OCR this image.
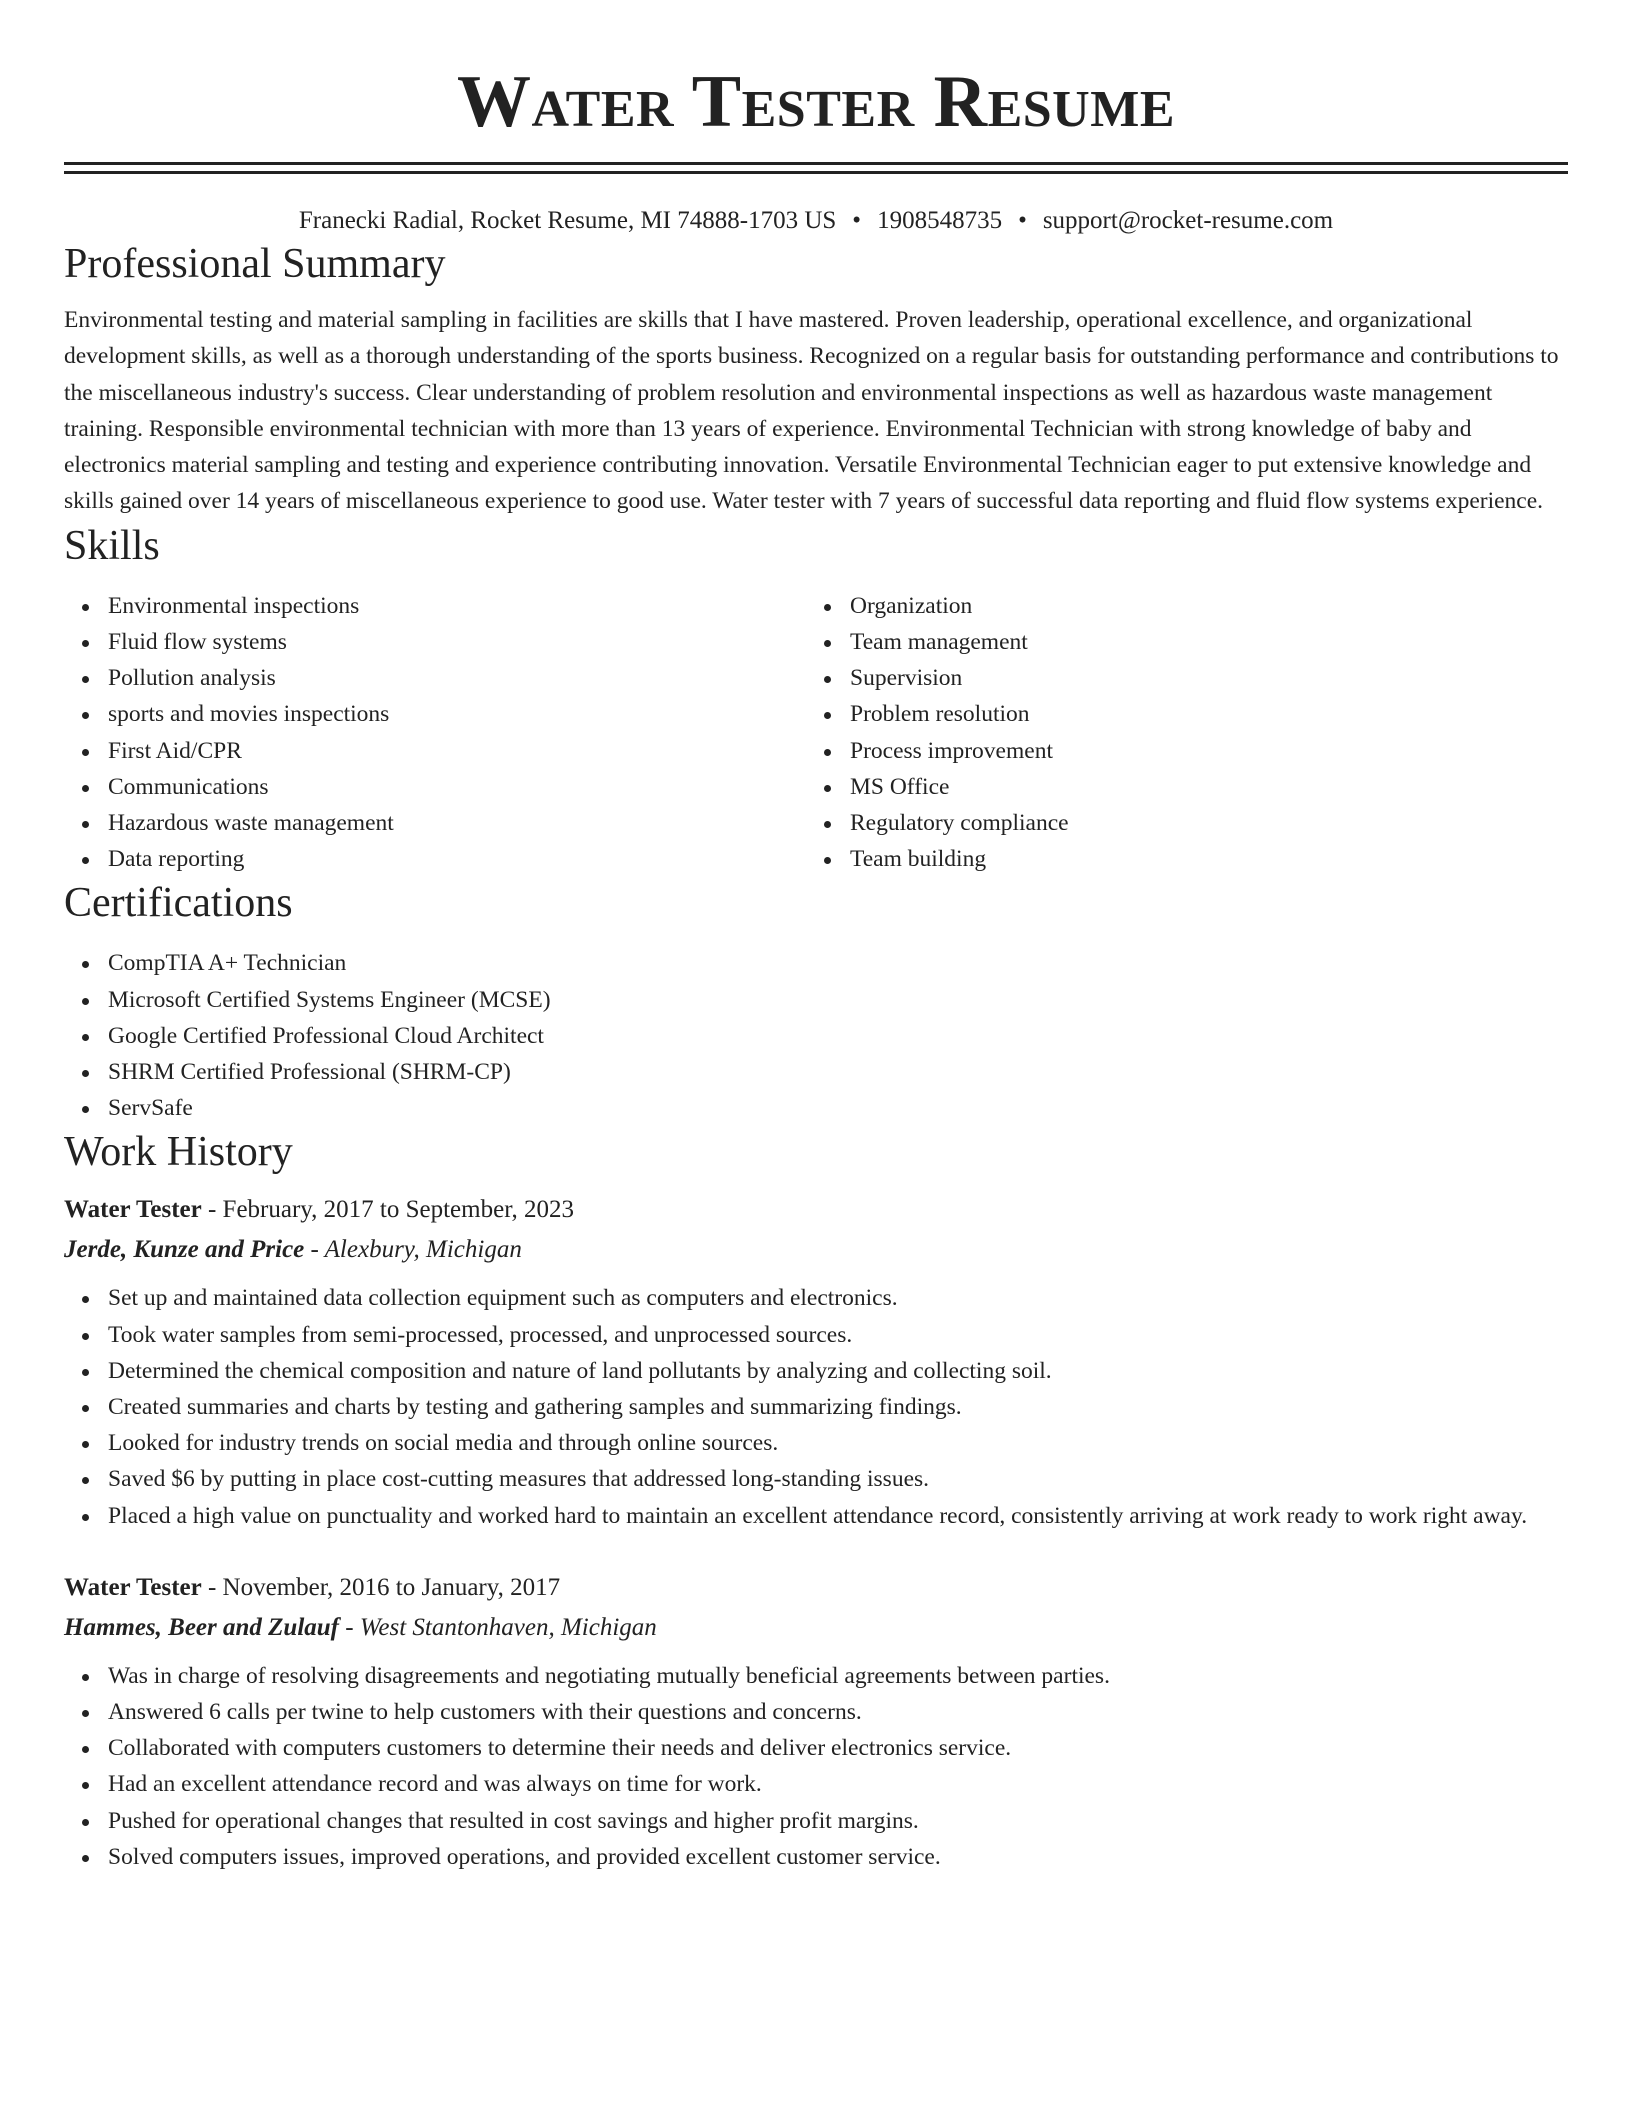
Water Tester Resume
Franecki Radial, Rocket Resume, MI 74888-1703 US • 1908548735 • support@rocket-resume.com
Professional Summary

Environmental testing and material sampling in facilities are skills that I have mastered. Proven leadership, operational excellence, and organizational development skills, as well as a thorough understanding of the sports business. Recognized on a regular basis for outstanding performance and contributions to the miscellaneous industry's success. Clear understanding of problem resolution and environmental inspections as well as hazardous waste management training. Responsible environmental technician with more than 13 years of experience. Environmental Technician with strong knowledge of baby and electronics material sampling and testing and experience contributing innovation. Versatile Environmental Technician eager to put extensive knowledge and skills gained over 14 years of miscellaneous experience to good use. Water tester with 7 years of successful data reporting and fluid flow systems experience.

Skills
Environmental inspections
Fluid flow systems
Pollution analysis
sports and movies inspections
First Aid/CPR
Communications
Hazardous waste management
Data reporting
Organization
Team management
Supervision
Problem resolution
Process improvement
MS Office
Regulatory compliance
Team building
Certifications
CompTIA A+ Technician
Microsoft Certified Systems Engineer (MCSE)
Google Certified Professional Cloud Architect
SHRM Certified Professional (SHRM-CP)
ServSafe
Work History
Water Tester - February, 2017 to September, 2023
Jerde, Kunze and Price - Alexbury, Michigan
Set up and maintained data collection equipment such as computers and electronics.
Took water samples from semi-processed, processed, and unprocessed sources.
Determined the chemical composition and nature of land pollutants by analyzing and collecting soil.
Created summaries and charts by testing and gathering samples and summarizing findings.
Looked for industry trends on social media and through online sources.
Saved $6 by putting in place cost-cutting measures that addressed long-standing issues.
Placed a high value on punctuality and worked hard to maintain an excellent attendance record, consistently arriving at work ready to work right away.
Water Tester - November, 2016 to January, 2017
Hammes, Beer and Zulauf - West Stantonhaven, Michigan
Was in charge of resolving disagreements and negotiating mutually beneficial agreements between parties.
Answered 6 calls per twine to help customers with their questions and concerns.
Collaborated with computers customers to determine their needs and deliver electronics service.
Had an excellent attendance record and was always on time for work.
Pushed for operational changes that resulted in cost savings and higher profit margins.
Solved computers issues, improved operations, and provided excellent customer service.
